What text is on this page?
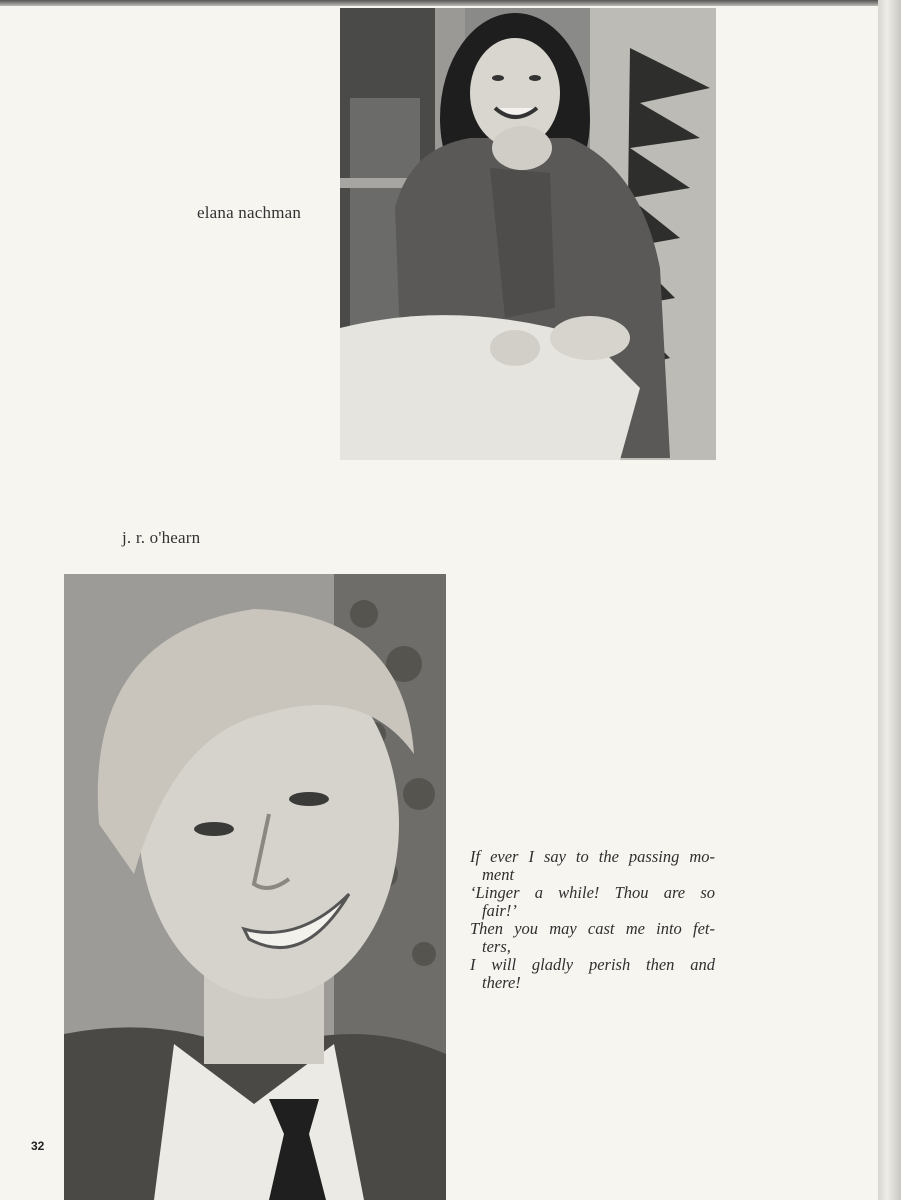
elana nachman
j. r. o'hearn
If ever I say to the passing mo-
ment
‘Linger a while! Thou are so
fair!’
Then you may cast me into fet-
ters,
I will gladly perish then and
there!
32
